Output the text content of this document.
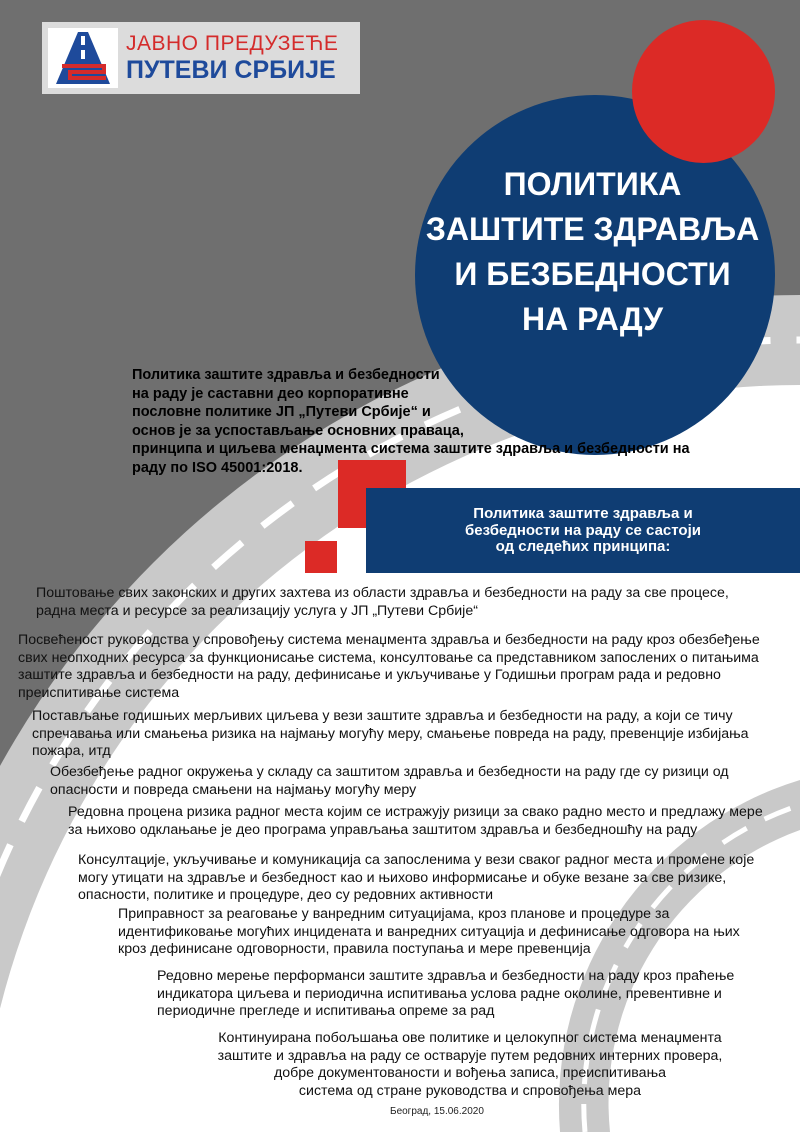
ЈАВНО ПРЕДУЗЕЋЕ
ПУТЕВИ СРБИЈЕ
ПОЛИТИКА
ЗАШТИТЕ ЗДРАВЉА
И БЕЗБЕДНОСТИ
НА РАДУ
Политика заштите здравља и безбедности
на раду је саставни део корпоративне
пословне политике ЈП „Путеви Србије“ и
основ је за успостављање основних праваца,
принципа и циљева менаџмента система заштите здравља и безбедности на
раду по ISO 45001:2018.
Политика заштите здравља и
безбедности на раду се састоји
од следећих принципа:
Поштовање свих законских и других захтева из области здравља и безбедности на раду за све процесе,
радна места и ресурсе за реализацију услуга у ЈП „Путеви Србије“
Посвећеност руководства у спровођењу система менаџмента здравља и безбедности на раду кроз обезбеђење
свих неопходних ресурса за функционисање система, консултовање са представником запослених о питањима
заштите здравља и безбедности на раду, дефинисање и укључивање у Годишњи програм рада и редовно
преиспитивање система
Постављање годишњих мерљивих циљева у вези заштите здравља и безбедности на раду, а који се тичу
спречавања или смањења ризика на најмању могућу меру, смањење повреда на раду, превенције избијања
пожара, итд
Обезбеђење радног окружења у складу са заштитом здравља и безбедности на раду где су ризици од
опасности и повреда смањени на најмању могућу меру
Редовна процена ризика радног места којим се истражују ризици за свако радно место и предлажу мере
за њихово одклањање је део програма управљања заштитом здравља и безбедношћу на раду
Консултације, укључивање и комуникација са запосленима у вези сваког радног места и промене које
могу утицати на здравље и безбедност као и њихово информисање и обуке везане за све ризике,
опасности, политике и процедуре, део су редовних активности
Приправност за реаговање у ванредним ситуацијама, кроз планове и процедуре за
идентификовање могућих инцидената и ванредних ситуација и дефинисање одговора на њих
кроз дефинисане одговорности, правила поступања и мере превенција
Редовно мерење перформанси заштите здравља и безбедности на раду кроз праћење
индикатора циљева и периодична испитивања услова радне околине, превентивне и
периодичне прегледе и испитивања опреме за рад
Континуирана побољшања ове политике и целокупног система менаџмента
заштите и здравља на раду се остварује путем редовних интерних провера,
добре документованости и вођења записа, преиспитивања
система од стране руководства и спровођења мера
Београд, 15.06.2020
